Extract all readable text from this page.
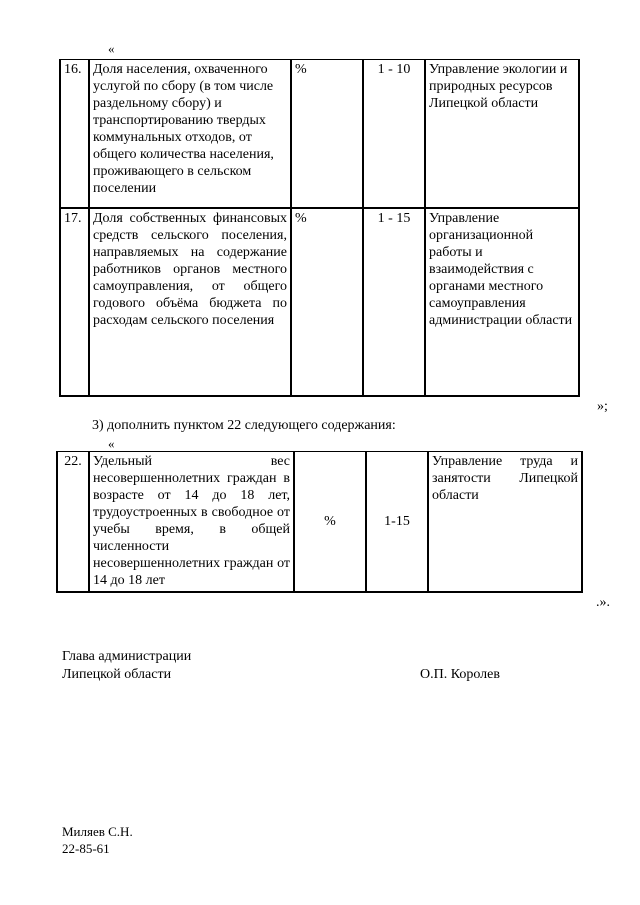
«
16.	Доля населения, охваченного услугой по сбору (в том числе раздельному сбору) и транспортированию твердых коммунальных отходов, от общего количества населения, проживающего в сельском поселении	%	1 - 10	Управление экологии и природных ресурсов Липецкой области
17.	Доля собственных финансовых средств сельского поселения, направляемых на содержание работников органов местного самоуправления, от общего годового объёма бюджета по расходам сельского поселения	%	1 - 15	Управление организационной работы и взаимодействия с органами местного самоуправления администрации области
»;
3) дополнить пунктом 22 следующего содержания:
«
22.	Удельный вес несовершеннолетних граждан в возрасте от 14 до 18 лет, трудоустроенных в свободное от учебы время, в общей численности несовершеннолетних граждан от 14 до 18 лет	%	1-15	Управление труда и занятости Липецкой области
.».
Глава администрации
Липецкой области	О.П. Королев
Миляев С.Н.
22-85-61
